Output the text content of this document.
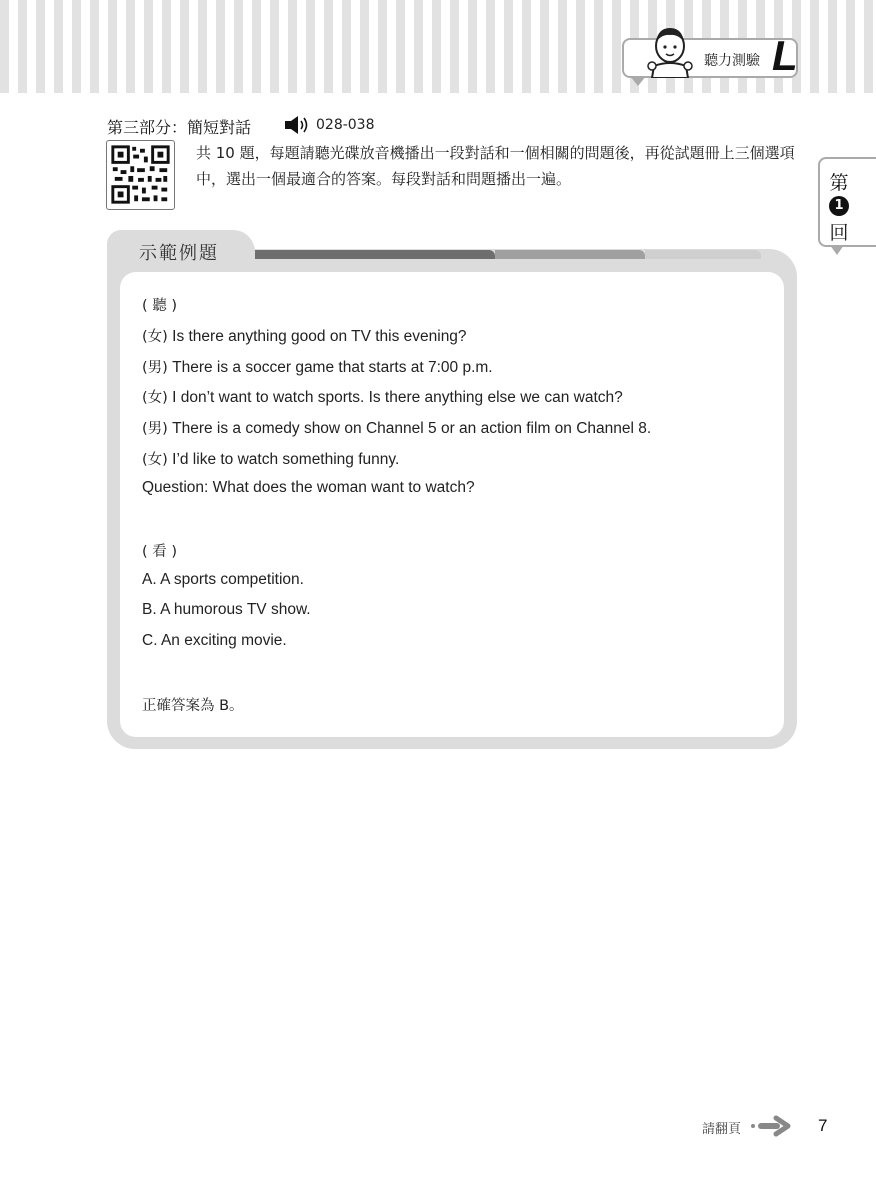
聽力測驗 L
第三部分：簡短對話	028-038
共 10 題，每題請聽光碟放音機播出一段對話和一個相關的問題後，再從試題冊上三個選項中，選出一個最適合的答案。每段對話和問題播出一遍。	第
1
回
示範例題
( 聽 )
(女) Is there anything good on TV this evening?
(男) There is a soccer game that starts at 7:00 p.m.
(女) I don’t want to watch sports. Is there anything else we can watch?
(男) There is a comedy show on Channel 5 or an action film on Channel 8.
(女) I’d like to watch something funny.
Question: What does the woman want to watch?
( 看 )
A. A sports competition.
B. A humorous TV show.
C. An exciting movie.
正確答案為 B。
請翻頁	7
